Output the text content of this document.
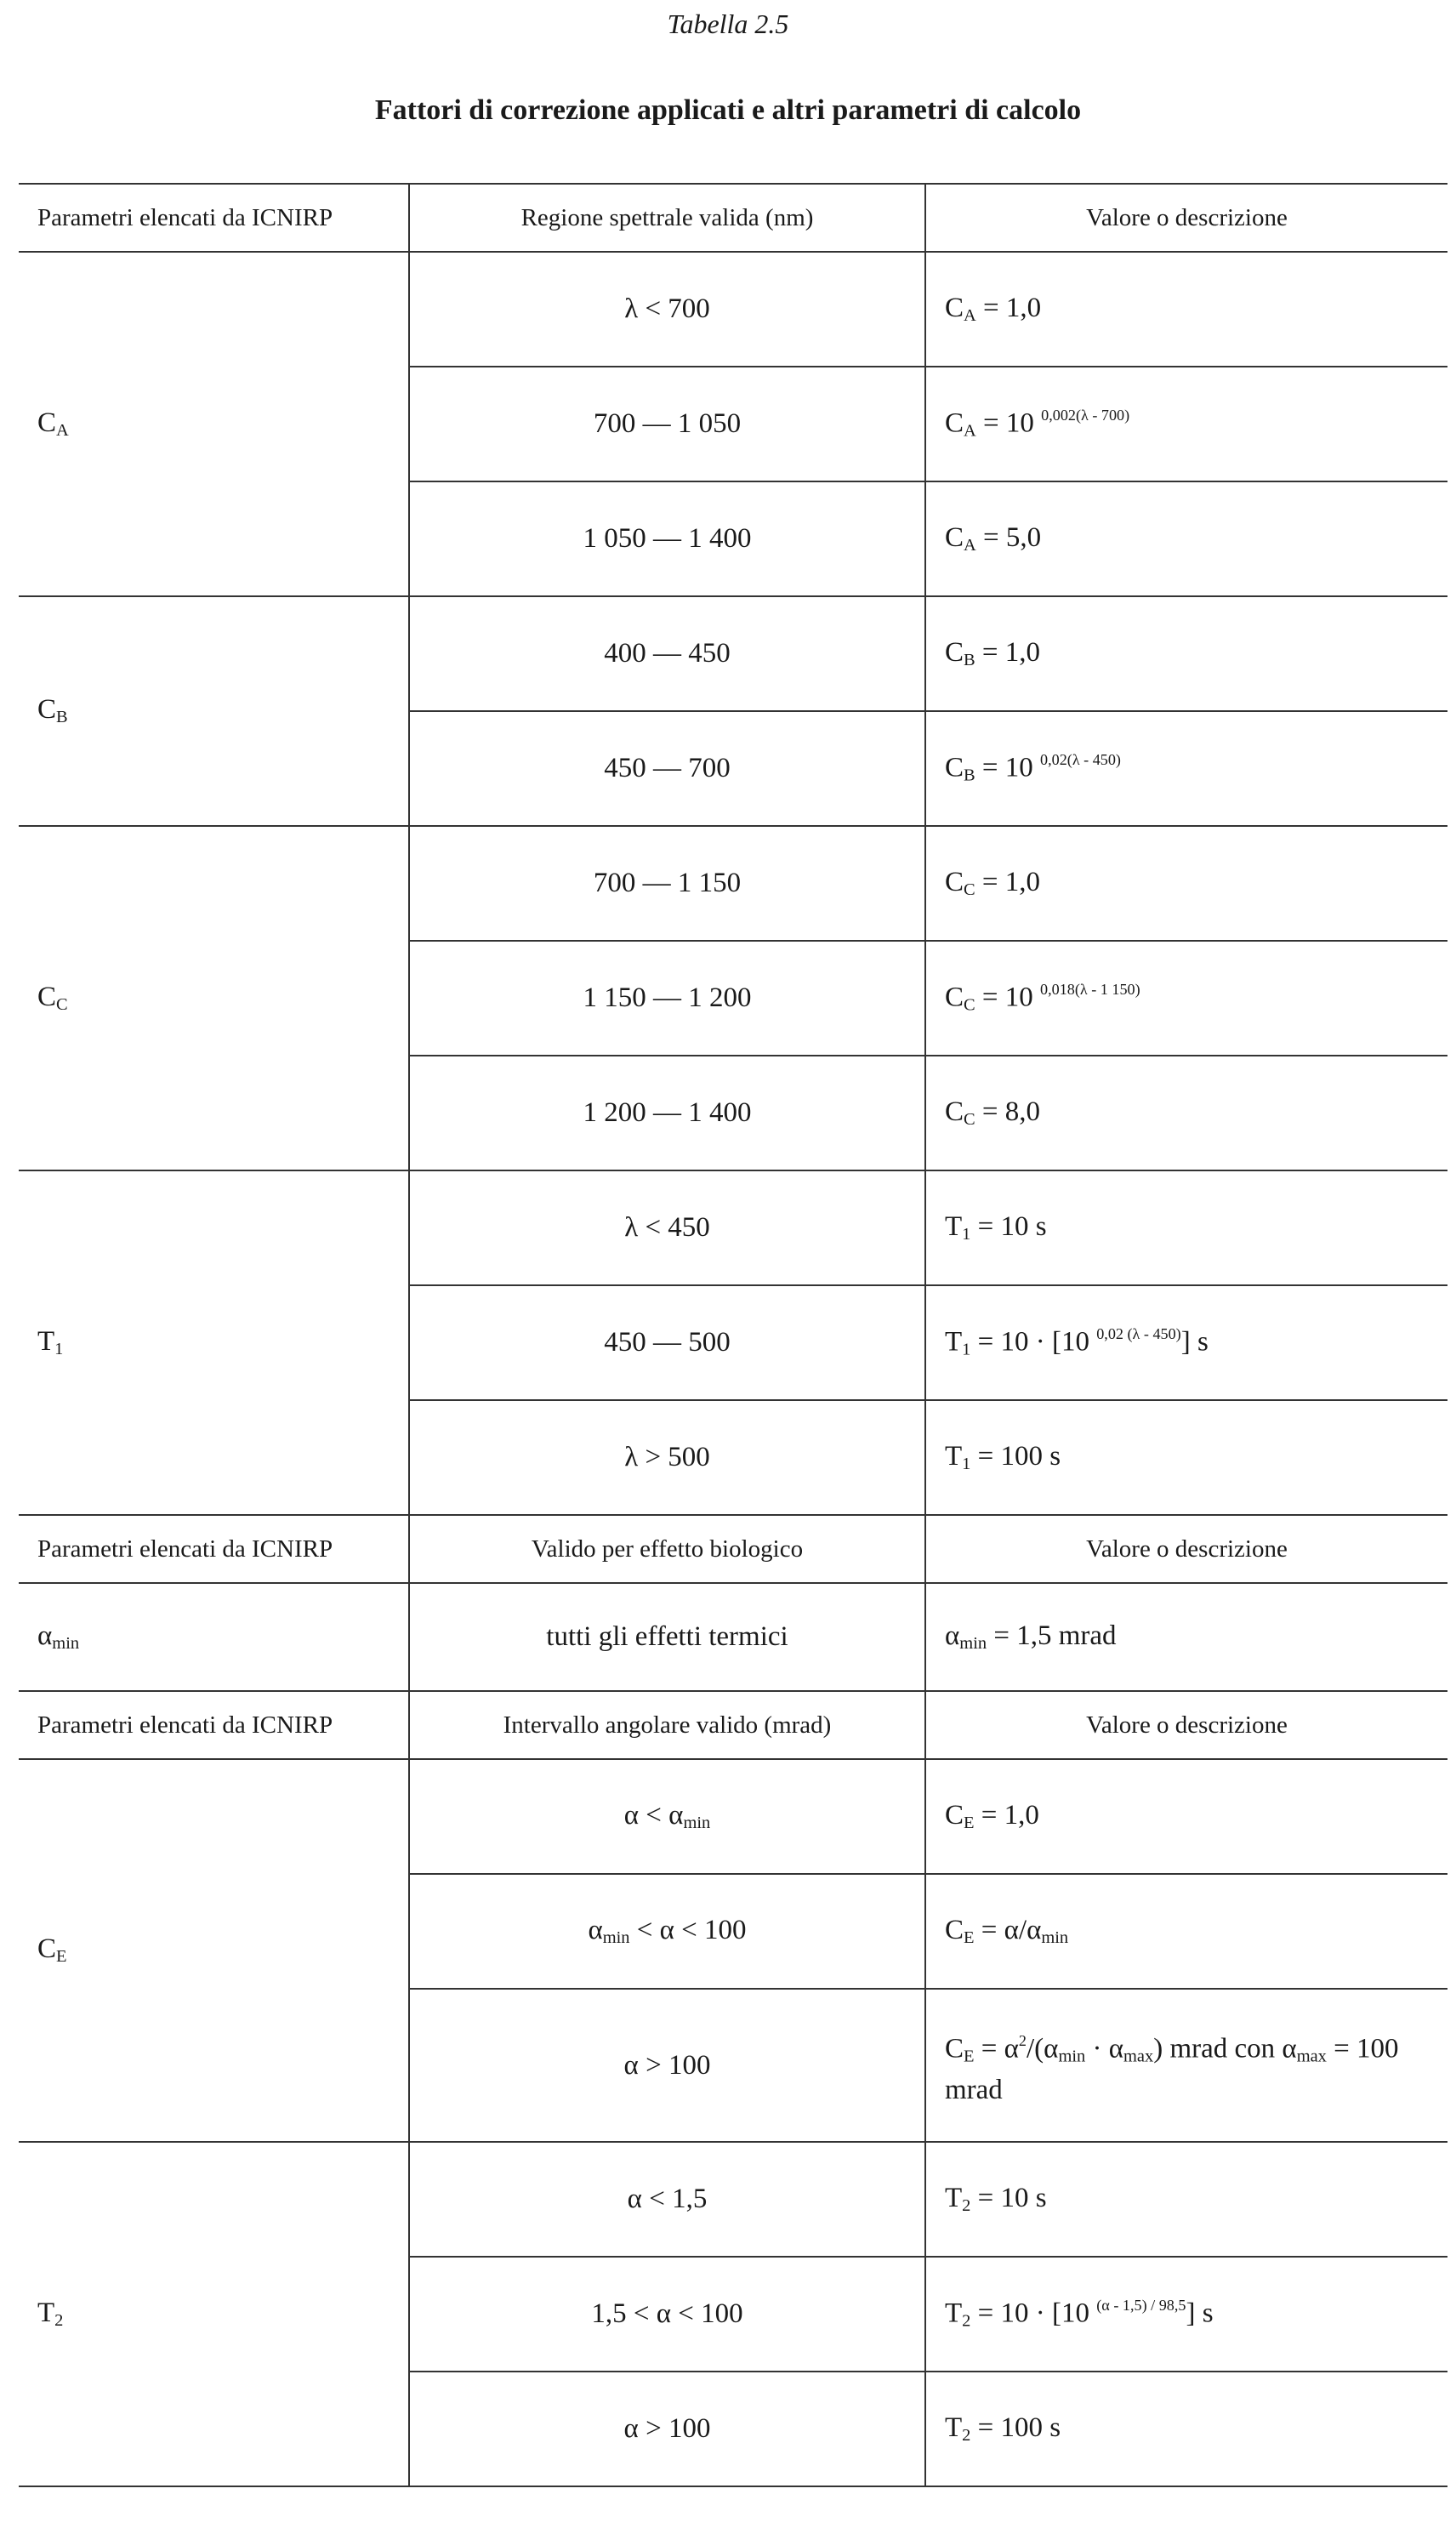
Tabella 2.5

Fattori di correzione applicati e altri parametri di calcolo

Parametri elencati da ICNIRP	Regione spettrale valida (nm)	Valore o descrizione
$C_A$	λ < 700	$C_A = 1,0$
	700 — 1 050	$C_A = 10$ $^{0,002(\lambda - 700)}$
	1 050 — 1 400	$C_A = 5,0$
$C_B$	400 — 450	$C_B = 1,0$
	450 — 700	$C_B = 10$ $^{0,02(\lambda - 450)}$
$C_C$	700 — 1 150	$C_C = 1,0$
	1 150 — 1 200	$C_C = 10$ $^{0,018(\lambda - 1 150)}$
	1 200 — 1 400	$C_C = 8,0$
$T_1$	λ < 450	$T_1 = 10$ s
	450 — 500	$T_1 = 10 \cdot [10$ $^{0,02 (\lambda - 450)}$] s
	λ > 500	$T_1 = 100$ s
Parametri elencati da ICNIRP	Valido per effetto biologico	Valore o descrizione
$\alpha_{min}$	tutti gli effetti termici	$\alpha_{min} = 1,5$ mrad
Parametri elencati da ICNIRP	Intervallo angolare valido (mrad)	Valore o descrizione
$C_E$	$\alpha < \alpha_{min}$	$C_E = 1,0$
	$\alpha_{min} < \alpha < 100$	$C_E = \alpha/\alpha_{min}$
	α > 100	$C_E = \alpha^2/(\alpha_{min} \cdot \alpha_{max})$ mrad con $\alpha_{max} = 100$ mrad
$T_2$	α < 1,5	$T_2 = 10$ s
	1,5 < α < 100	$T_2 = 10 \cdot [10$ $^{(\alpha - 1,5) / 98,5}$] s
	α > 100	$T_2 = 100$ s
